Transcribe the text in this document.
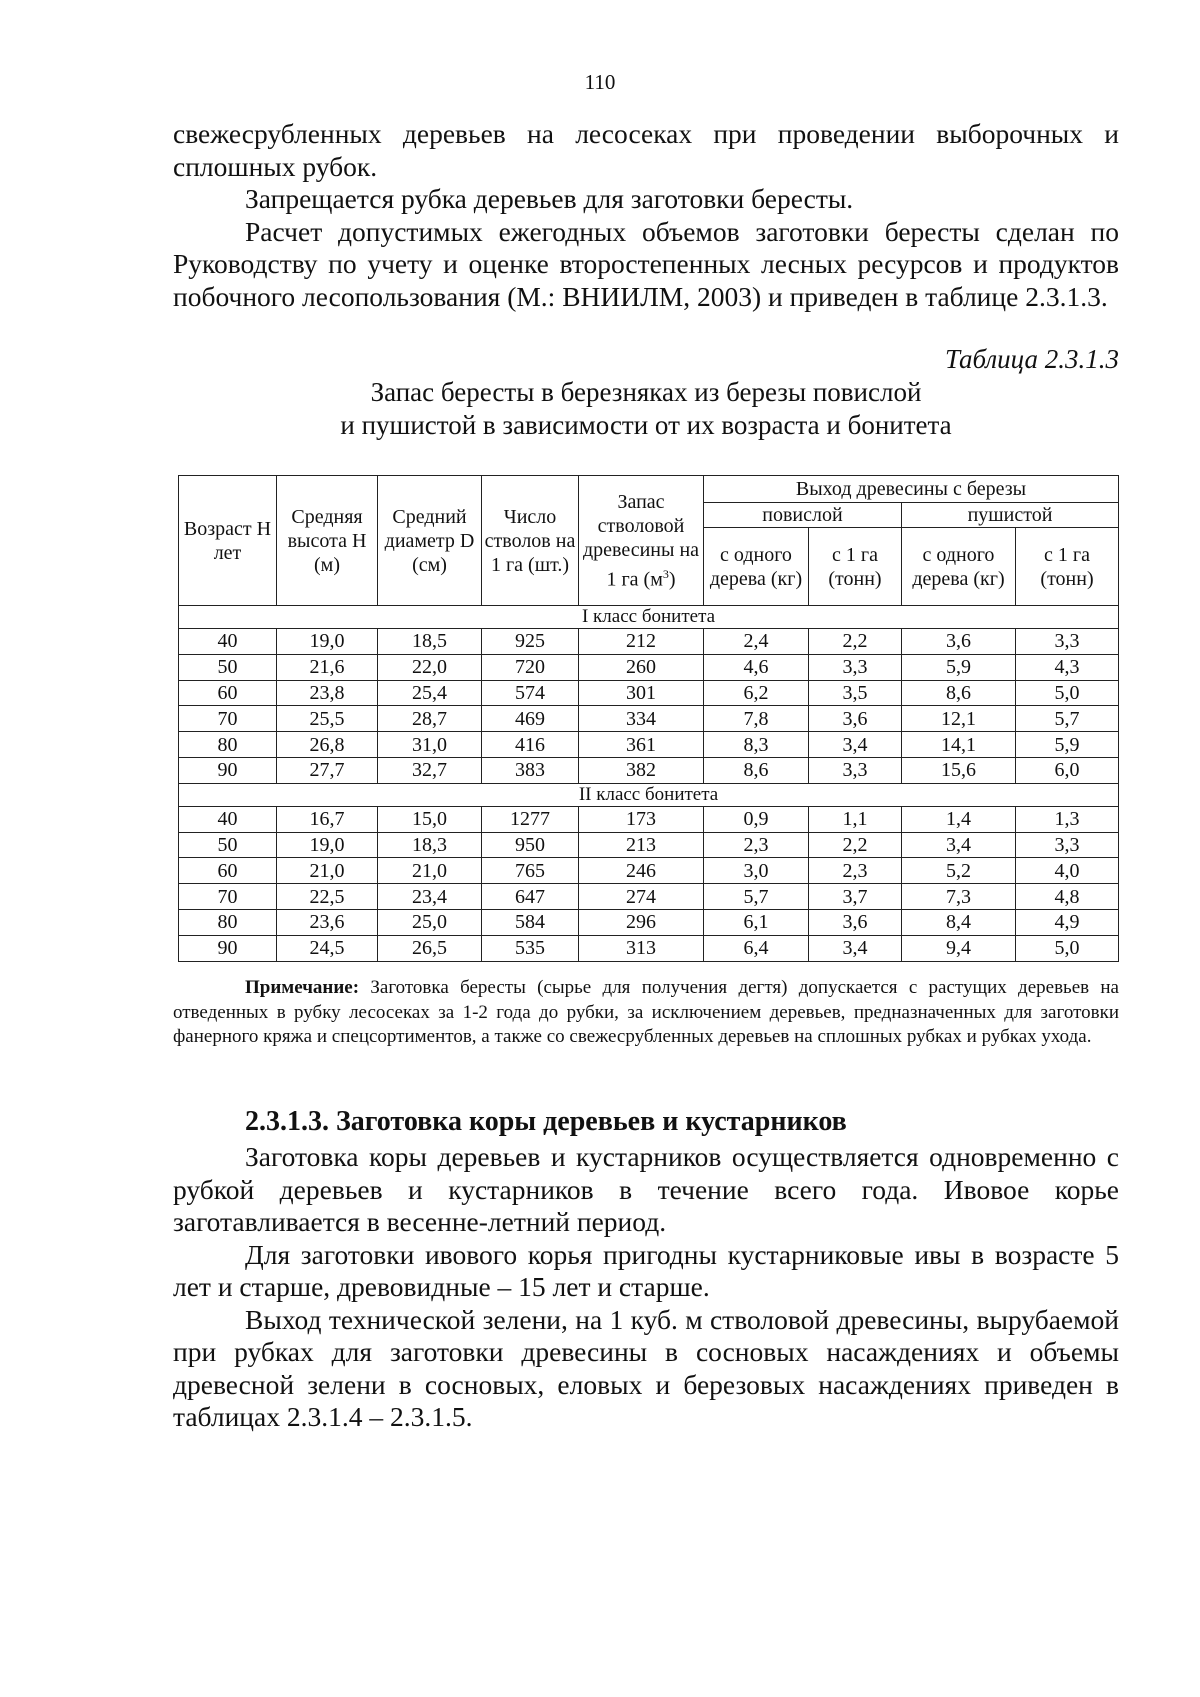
110

свежесрубленных деревьев на лесосеках при проведении выборочных и сплошных рубок.

Запрещается рубка деревьев для заготовки бересты.

Расчет допустимых ежегодных объемов заготовки бересты сделан по Руководству по учету и оценке второстепенных лесных ресурсов и продуктов побочного лесопользования (М.: ВНИИЛМ, 2003) и приведен в таблице 2.3.1.3.

Таблица 2.3.1.3
Запас бересты в березняках из березы повислой
и пушистой в зависимости от их возраста и бонитета
Возраст Н лет	Средняя высота Н (м)	Средний диаметр D (см)	Число стволов на 1 га (шт.)	Запас стволовой древесины на 1 га $(м^3)$	Выход древесины с березы			
					повислой		пушистой	
					с одного дерева (кг)	с 1 га (тонн)	с одного дерева (кг)	с 1 га (тонн)
I класс бонитета								
40	19,0	18,5	925	212	2,4	2,2	3,6	3,3
50	21,6	22,0	720	260	4,6	3,3	5,9	4,3
60	23,8	25,4	574	301	6,2	3,5	8,6	5,0
70	25,5	28,7	469	334	7,8	3,6	12,1	5,7
80	26,8	31,0	416	361	8,3	3,4	14,1	5,9
90	27,7	32,7	383	382	8,6	3,3	15,6	6,0
II класс бонитета								
40	16,7	15,0	1277	173	0,9	1,1	1,4	1,3
50	19,0	18,3	950	213	2,3	2,2	3,4	3,3
60	21,0	21,0	765	246	3,0	2,3	5,2	4,0
70	22,5	23,4	647	274	5,7	3,7	7,3	4,8
80	23,6	25,0	584	296	6,1	3,6	8,4	4,9
90	24,5	26,5	535	313	6,4	3,4	9,4	5,0

Примечание: Заготовка бересты (сырье для получения дегтя) допускается с растущих деревьев на отведенных в рубку лесосеках за 1-2 года до рубки, за исключением деревьев, предназначенных для заготовки фанерного кряжа и спецсортиментов, а также со свежесрубленных деревьев на сплошных рубках и рубках ухода.

2.3.1.3. Заготовка коры деревьев и кустарников

Заготовка коры деревьев и кустарников осуществляется одновременно с рубкой деревьев и кустарников в течение всего года. Ивовое корье заготавливается в весенне-летний период.

Для заготовки ивового корья пригодны кустарниковые ивы в возрасте 5 лет и старше, древовидные – 15 лет и старше.

Выход технической зелени, на 1 куб. м стволовой древесины, вырубаемой при рубках для заготовки древесины в сосновых насаждениях и объемы древесной зелени в сосновых, еловых и березовых насаждениях приведен в таблицах 2.3.1.4 – 2.3.1.5.
